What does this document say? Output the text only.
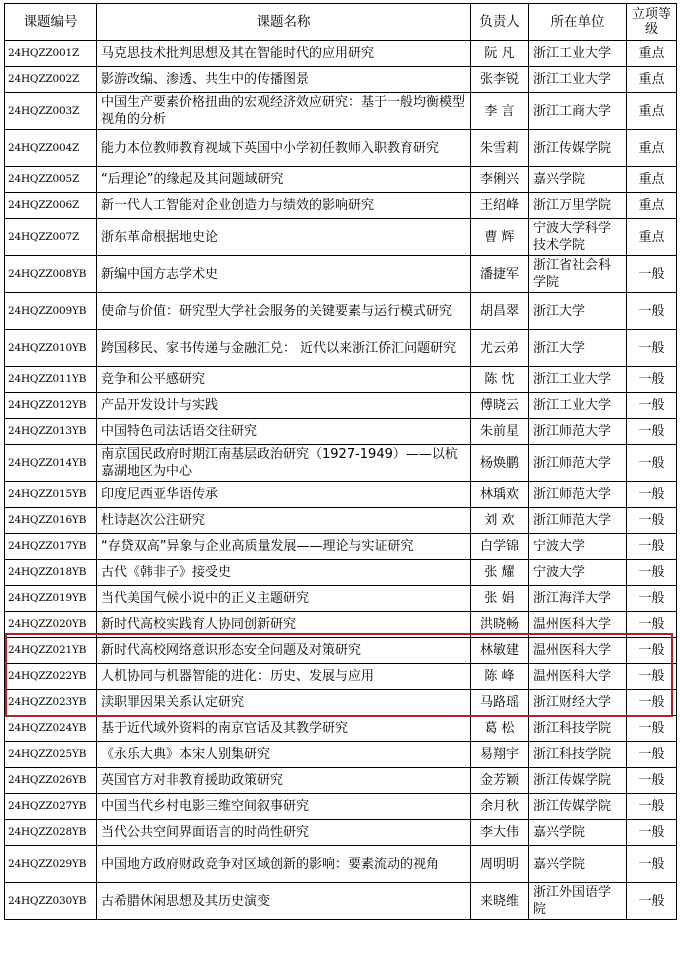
课题编号	课题名称	负责人	所在单位	立项等级
24HQZZ001Z	马克思技术批判思想及其在智能时代的应用研究	阮 凡	浙江工业大学	重点
24HQZZ002Z	影游改编、渗透、共生中的传播图景	张李锐	浙江工业大学	重点
24HQZZ003Z	中国生产要素价格扭曲的宏观经济效应研究：基于一般均衡模型视角的分析	李 言	浙江工商大学	重点
24HQZZ004Z	能力本位教师教育视域下英国中小学初任教师入职教育研究	朱雪莉	浙江传媒学院	重点
24HQZZ005Z	“后理论”的缘起及其问题域研究	李俐兴	嘉兴学院	重点
24HQZZ006Z	新一代人工智能对企业创造力与绩效的影响研究	王绍峰	浙江万里学院	重点
24HQZZ007Z	浙东革命根据地史论	曹 辉	宁波大学科学技术学院	重点
24HQZZ008YB	新编中国方志学术史	潘捷军	浙江省社会科学院	一般
24HQZZ009YB	使命与价值：研究型大学社会服务的关键要素与运行模式研究	胡昌翠	浙江大学	一般
24HQZZ010YB	跨国移民、家书传递与金融汇兑： 近代以来浙江侨汇问题研究	尤云弟	浙江大学	一般
24HQZZ011YB	竞争和公平感研究	陈 忱	浙江工业大学	一般
24HQZZ012YB	产品开发设计与实践	傅晓云	浙江工业大学	一般
24HQZZ013YB	中国特色司法话语交往研究	朱前星	浙江师范大学	一般
24HQZZ014YB	南京国民政府时期江南基层政治研究（1927-1949）——以杭嘉湖地区为中心	杨焕鹏	浙江师范大学	一般
24HQZZ015YB	印度尼西亚华语传承	林瑀欢	浙江师范大学	一般
24HQZZ016YB	杜诗赵次公注研究	刘 欢	浙江师范大学	一般
24HQZZ017YB	“存贷双高”异象与企业高质量发展——理论与实证研究	白学锦	宁波大学	一般
24HQZZ018YB	古代《韩非子》接受史	张 耀	宁波大学	一般
24HQZZ019YB	当代美国气候小说中的正义主题研究	张 娟	浙江海洋大学	一般
24HQZZ020YB	新时代高校实践育人协同创新研究	洪晓畅	温州医科大学	一般
24HQZZ021YB	新时代高校网络意识形态安全问题及对策研究	林敏建	温州医科大学	一般
24HQZZ022YB	人机协同与机器智能的进化：历史、发展与应用	陈 峰	温州医科大学	一般
24HQZZ023YB	渎职罪因果关系认定研究	马路瑶	浙江财经大学	一般
24HQZZ024YB	基于近代域外资料的南京官话及其教学研究	葛 松	浙江科技学院	一般
24HQZZ025YB	《永乐大典》本宋人别集研究	易翔宇	浙江科技学院	一般
24HQZZ026YB	英国官方对非教育援助政策研究	金芳颖	浙江传媒学院	一般
24HQZZ027YB	中国当代乡村电影三维空间叙事研究	余月秋	浙江传媒学院	一般
24HQZZ028YB	当代公共空间界面语言的时尚性研究	李大伟	嘉兴学院	一般
24HQZZ029YB	中国地方政府财政竞争对区域创新的影响：要素流动的视角	周明明	嘉兴学院	一般
24HQZZ030YB	古希腊休闲思想及其历史演变	来晓维	浙江外国语学院	一般
